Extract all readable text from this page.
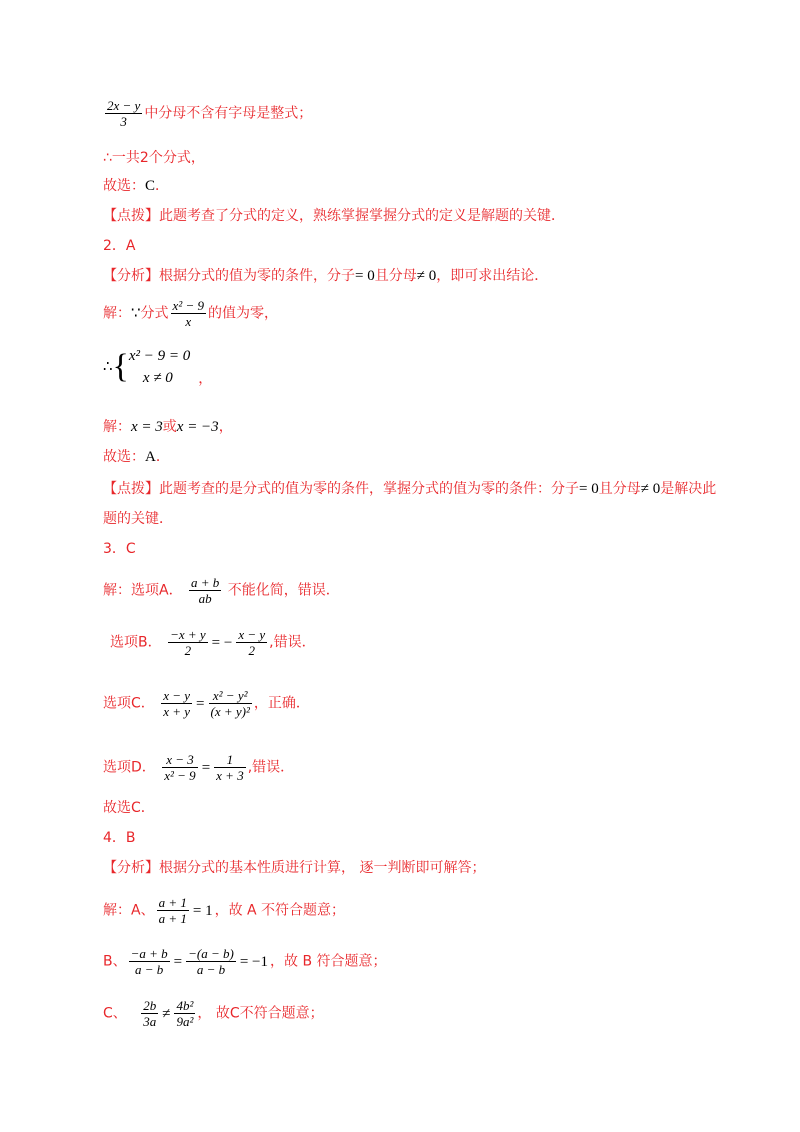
$\frac{2x - y}{3}$ 中分母不含有字母是整式；
∴一共2个分式，
故选：C．
【点拨】此题考查了分式的定义，熟练掌握掌握分式的定义是解题的关键．
2．A
【分析】根据分式的值为零的条件，分子= 0且分母≠ 0，即可求出结论．
解：∵分式 $\frac{\text{x² − 9}}{x}$ 的值为零，
∴{ x² − 9 = 0
x ≠ 0	，
解：x = 3或x = −3，
故选：A．
【点拨】此题考查的是分式的值为零的条件，掌握分式的值为零的条件：分子= 0且分母≠ 0是解决此
题的关键．
3．C
解：选项A． $\frac{a + b}{ab}$ 不能化简，错误．
选项B． $\frac{-x + y}{2}$ = − $\frac{x - y}{2}$ ,错误．
选项C． $\frac{x - y}{x + y} = \frac{\text{x² − y²}}{\text{(x + y)²}}$ ，正确．
选项D． $\frac{x - 3}{\text{x² − 9}} = \frac{1}{x + 3}$ ,错误．
故选C．
4．B
【分析】根据分式的基本性质进行计算， 逐一判断即可解答；
解：A、 $\frac{a + 1}{a + 1} = 1$ ，故 A 不符合题意；
B、 $\frac{-a + b}{a - b} = \frac{-(a - b)}{a - b} = -1$ ，故 B 符合题意；
C、 $\frac{2b}{3a} \ne \frac{\text{4b²}}{\text{9a²}}$ ， 故C不符合题意；
